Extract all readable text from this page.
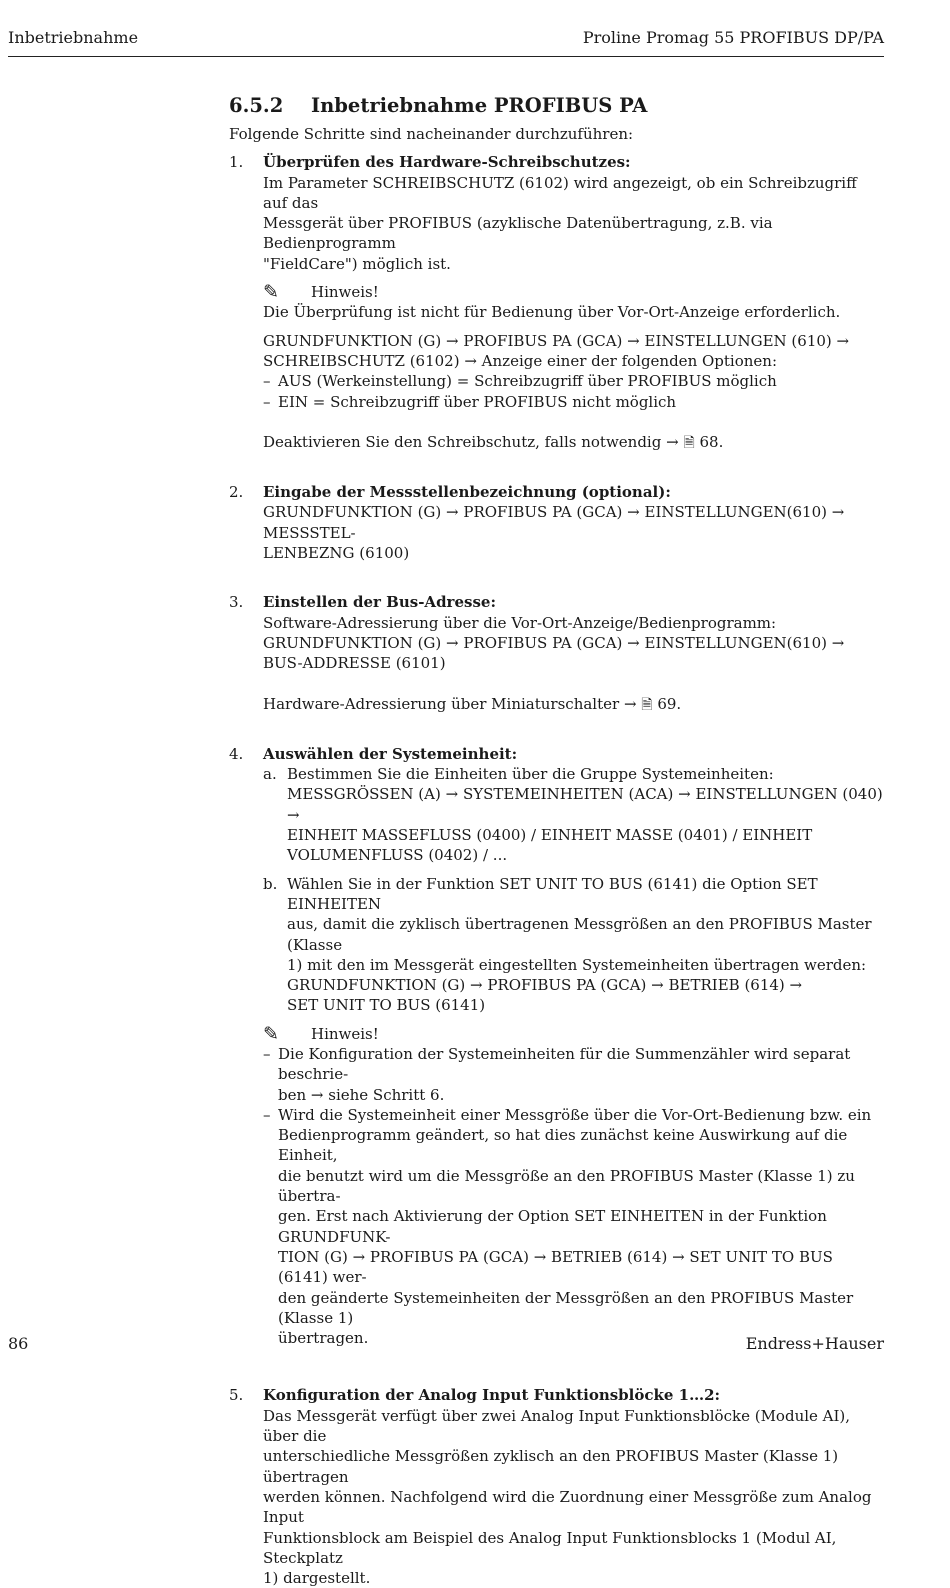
Inbetriebnahme	Proline Promag 55 PROFIBUS DP/PA
6.5.2 Inbetriebnahme PROFIBUS PA

Folgende Schritte sind nacheinander durchzuführen:

1. Überprüfen des Hardware-Schreibschutzes:

Im Parameter SCHREIBSCHUTZ (6102) wird angezeigt, ob ein Schreibzugriff auf das

Messgerät über PROFIBUS (azyklische Datenübertragung, z.B. via Bedienprogramm

"FieldCare") möglich ist.

✎	Hinweis!

Die Überprüfung ist nicht für Bedienung über Vor-Ort-Anzeige erforderlich.

GRUNDFUNKTION (G) → PROFIBUS PA (GCA) → EINSTELLUNGEN (610) →

SCHREIBSCHUTZ (6102) → Anzeige einer der folgenden Optionen:

– AUS (Werkeinstellung) = Schreibzugriff über PROFIBUS möglich
– EIN = Schreibzugriff über PROFIBUS nicht möglich

Deaktivieren Sie den Schreibschutz, falls notwendig → 🗎 68.

2. Eingabe der Messstellenbezeichnung (optional):

GRUNDFUNKTION (G) → PROFIBUS PA (GCA) → EINSTELLUNGEN(610) → MESSSTEL-

LENBEZNG (6100)

3. Einstellen der Bus-Adresse:

Software-Adressierung über die Vor-Ort-Anzeige/Bedienprogramm:

GRUNDFUNKTION (G) → PROFIBUS PA (GCA) → EINSTELLUNGEN(610) →

BUS-ADDRESSE (6101)

Hardware-Adressierung über Miniaturschalter → 🗎 69.

4. Auswählen der Systemeinheit:

a. Bestimmen Sie die Einheiten über die Gruppe Systemeinheiten:

MESSGRÖSSEN (A) → SYSTEMEINHEITEN (ACA) → EINSTELLUNGEN (040) →

EINHEIT MASSEFLUSS (0400) / EINHEIT MASSE (0401) / EINHEIT

VOLUMENFLUSS (0402) / ...

b. Wählen Sie in der Funktion SET UNIT TO BUS (6141) die Option SET EINHEITEN

aus, damit die zyklisch übertragenen Messgrößen an den PROFIBUS Master (Klasse

1) mit den im Messgerät eingestellten Systemeinheiten übertragen werden:

GRUNDFUNKTION (G) → PROFIBUS PA (GCA) → BETRIEB (614) →

SET UNIT TO BUS (6141)

✎	Hinweis!
– Die Konfiguration der Systemeinheiten für die Summenzähler wird separat beschrie-

ben → siehe Schritt 6.

– Wird die Systemeinheit einer Messgröße über die Vor-Ort-Bedienung bzw. ein

Bedienprogramm geändert, so hat dies zunächst keine Auswirkung auf die Einheit,

die benutzt wird um die Messgröße an den PROFIBUS Master (Klasse 1) zu übertra-

gen. Erst nach Aktivierung der Option SET EINHEITEN in der Funktion GRUNDFUNK-

TION (G) → PROFIBUS PA (GCA) → BETRIEB (614) → SET UNIT TO BUS (6141) wer-

den geänderte Systemeinheiten der Messgrößen an den PROFIBUS Master (Klasse 1)

übertragen.

5. Konfiguration der Analog Input Funktionsblöcke 1…2:

Das Messgerät verfügt über zwei Analog Input Funktionsblöcke (Module AI), über die

unterschiedliche Messgrößen zyklisch an den PROFIBUS Master (Klasse 1) übertragen

werden können. Nachfolgend wird die Zuordnung einer Messgröße zum Analog Input

Funktionsblock am Beispiel des Analog Input Funktionsblocks 1 (Modul AI, Steckplatz

1) dargestellt.

86	Endress+Hauser
